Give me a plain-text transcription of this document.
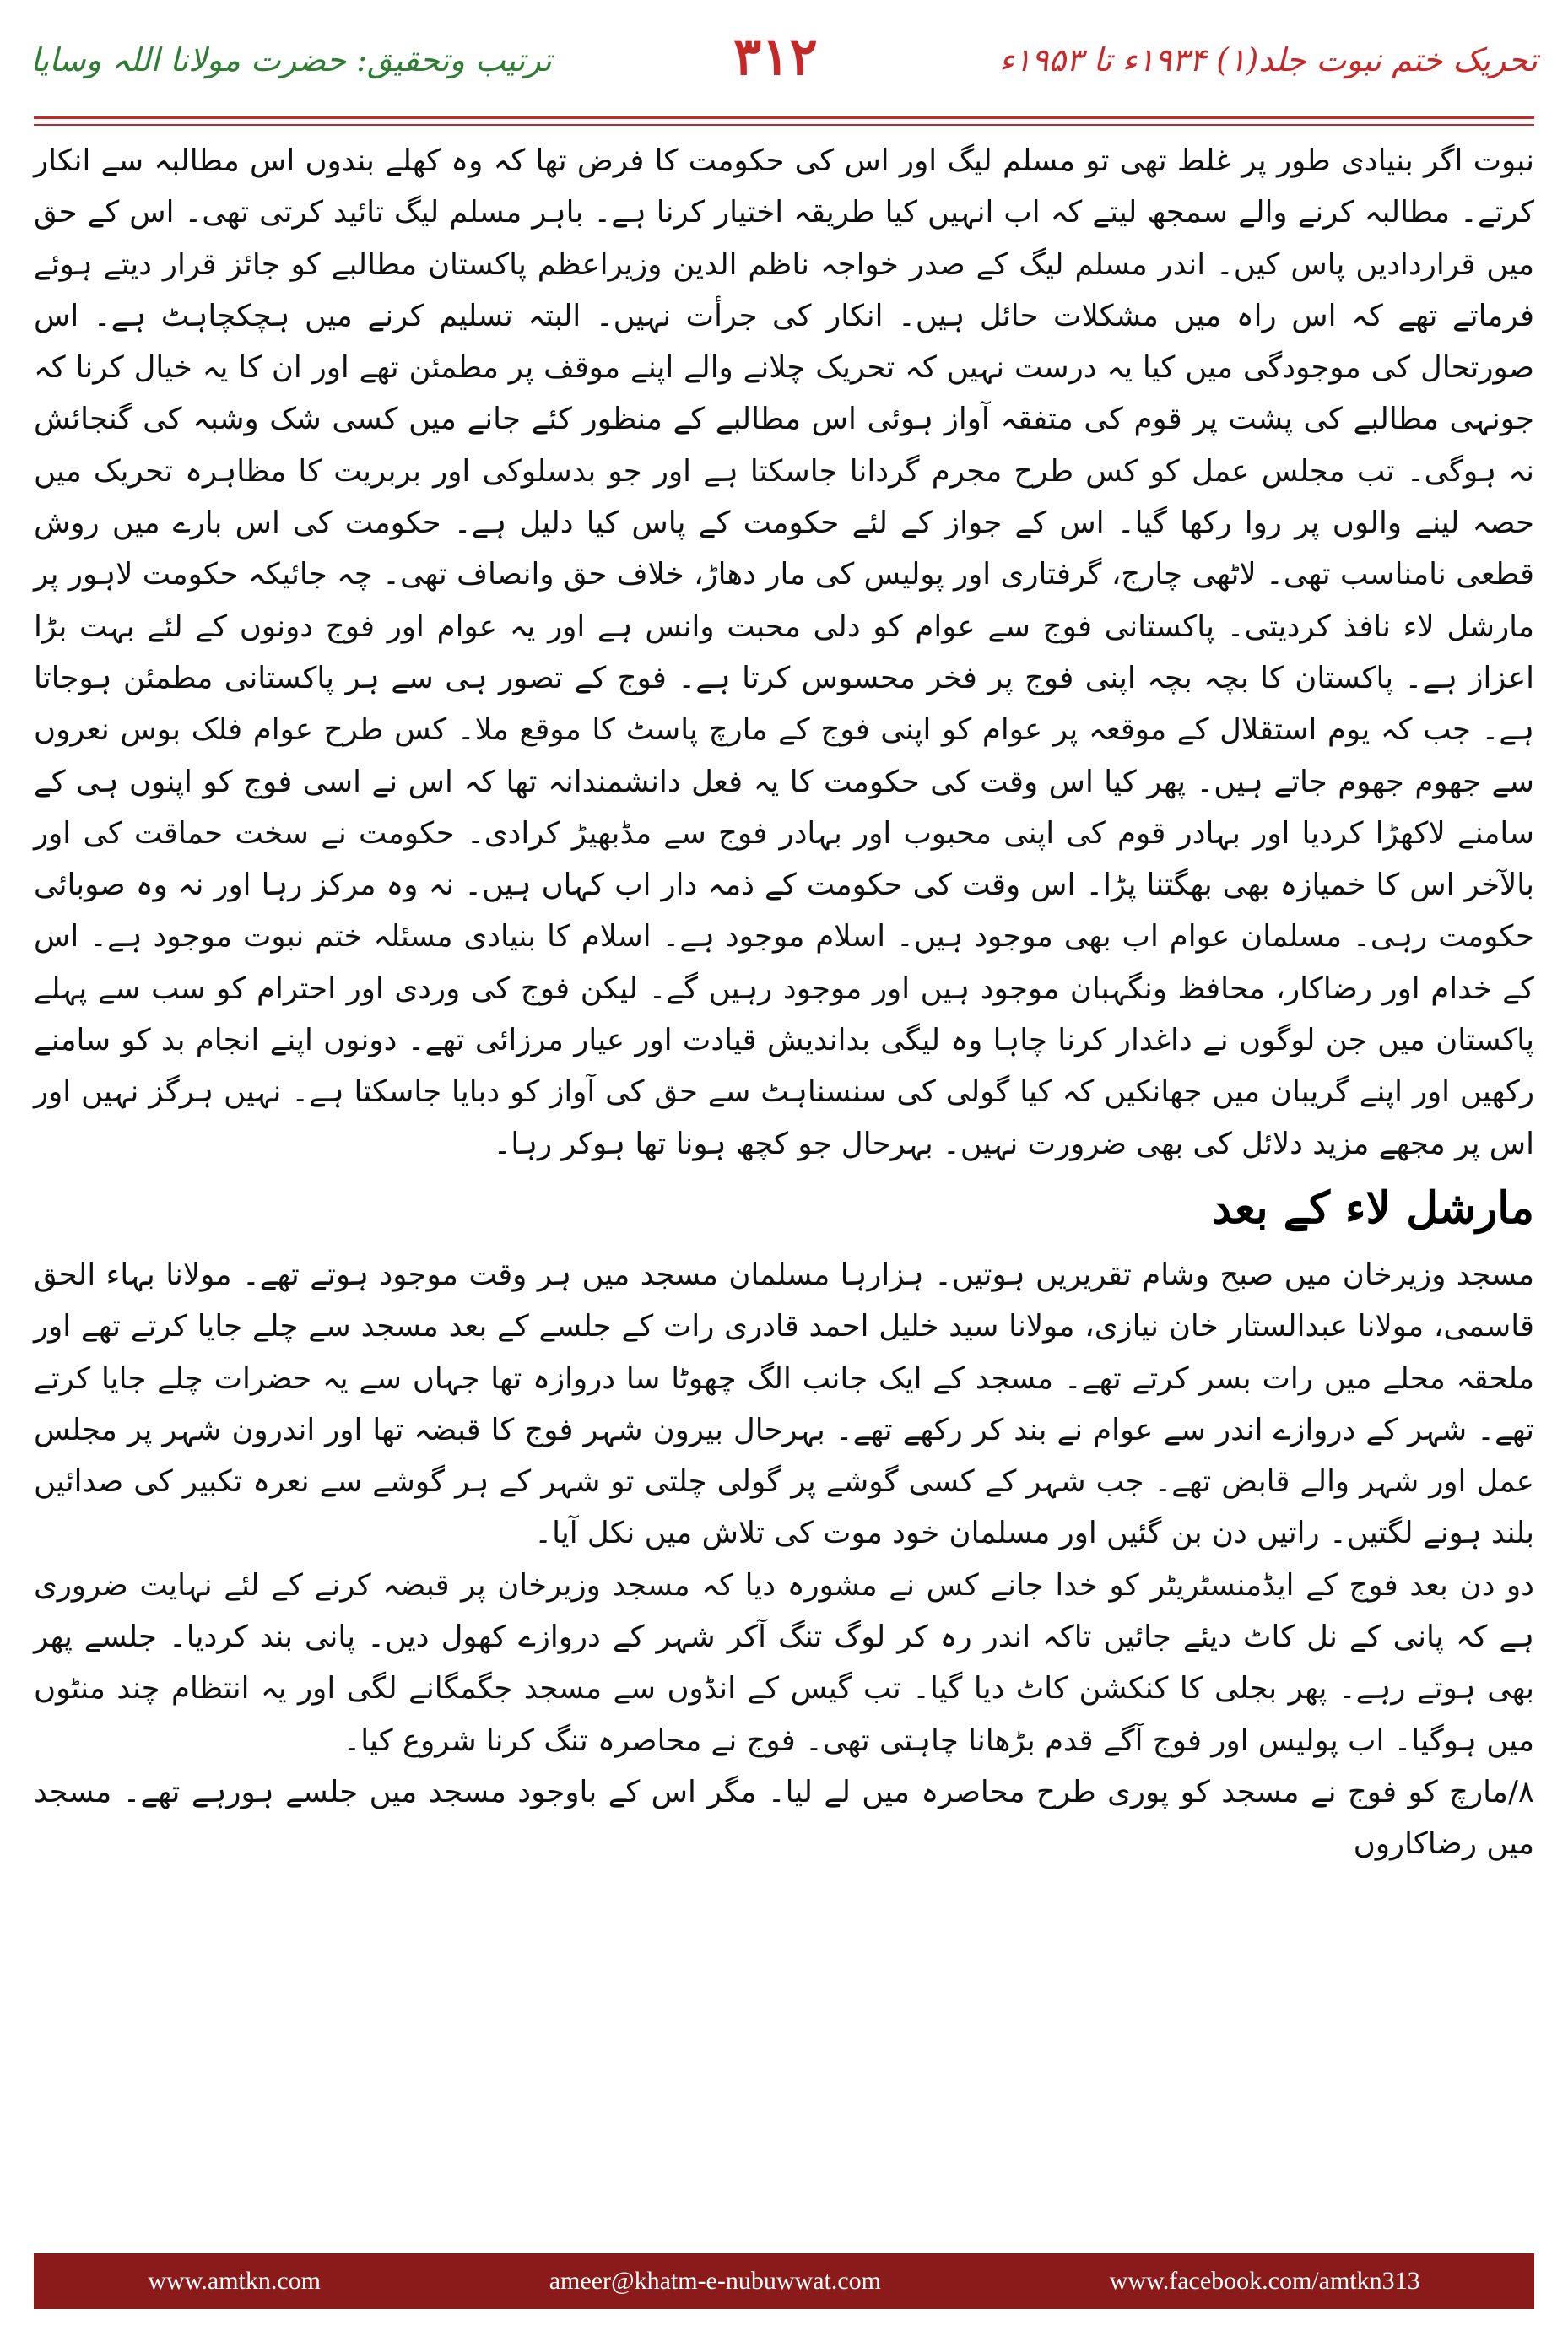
ترتیب وتحقیق: حضرت مولانا اللہ وسایا	۳۱۲	تحریک ختم نبوت جلد(۱) ۱۹۳۴ء تا ۱۹۵۳ء

نبوت اگر بنیادی طور پر غلط تھی تو مسلم لیگ اور اس کی حکومت کا فرض تھا کہ وہ کھلے بندوں اس مطالبہ سے انکار کرتے۔ مطالبہ کرنے والے سمجھ لیتے کہ اب انہیں کیا طریقہ اختیار کرنا ہے۔ باہر مسلم لیگ تائید کرتی تھی۔ اس کے حق میں قراردادیں پاس کیں۔ اندر مسلم لیگ کے صدر خواجہ ناظم الدین وزیراعظم پاکستان مطالبے کو جائز قرار دیتے ہوئے فرماتے تھے کہ اس راہ میں مشکلات حائل ہیں۔ انکار کی جرأت نہیں۔ البتہ تسلیم کرنے میں ہچکچاہٹ ہے۔ اس صورتحال کی موجودگی میں کیا یہ درست نہیں کہ تحریک چلانے والے اپنے موقف پر مطمئن تھے اور ان کا یہ خیال کرنا کہ جونہی مطالبے کی پشت پر قوم کی متفقہ آواز ہوئی اس مطالبے کے منظور کئے جانے میں کسی شک وشبہ کی گنجائش نہ ہوگی۔ تب مجلس عمل کو کس طرح مجرم گردانا جاسکتا ہے اور جو بدسلوکی اور بربریت کا مظاہرہ تحریک میں حصہ لینے والوں پر روا رکھا گیا۔ اس کے جواز کے لئے حکومت کے پاس کیا دلیل ہے۔ حکومت کی اس بارے میں روش قطعی نامناسب تھی۔ لاٹھی چارج، گرفتاری اور پولیس کی مار دھاڑ، خلاف حق وانصاف تھی۔ چہ جائیکہ حکومت لاہور پر مارشل لاء نافذ کردیتی۔ پاکستانی فوج سے عوام کو دلی محبت وانس ہے اور یہ عوام اور فوج دونوں کے لئے بہت بڑا اعزاز ہے۔ پاکستان کا بچہ بچہ اپنی فوج پر فخر محسوس کرتا ہے۔ فوج کے تصور ہی سے ہر پاکستانی مطمئن ہوجاتا ہے۔ جب کہ یوم استقلال کے موقعہ پر عوام کو اپنی فوج کے مارچ پاسٹ کا موقع ملا۔ کس طرح عوام فلک بوس نعروں سے جھوم جھوم جاتے ہیں۔ پھر کیا اس وقت کی حکومت کا یہ فعل دانشمندانہ تھا کہ اس نے اسی فوج کو اپنوں ہی کے سامنے لاکھڑا کردیا اور بہادر قوم کی اپنی محبوب اور بہادر فوج سے مڈبھیڑ کرادی۔ حکومت نے سخت حماقت کی اور بالآخر اس کا خمیازہ بھی بھگتنا پڑا۔ اس وقت کی حکومت کے ذمہ دار اب کہاں ہیں۔ نہ وہ مرکز رہا اور نہ وہ صوبائی حکومت رہی۔ مسلمان عوام اب بھی موجود ہیں۔ اسلام موجود ہے۔ اسلام کا بنیادی مسئلہ ختم نبوت موجود ہے۔ اس کے خدام اور رضاکار، محافظ ونگہبان موجود ہیں اور موجود رہیں گے۔ لیکن فوج کی وردی اور احترام کو سب سے پہلے پاکستان میں جن لوگوں نے داغدار کرنا چاہا وہ لیگی بداندیش قیادت اور عیار مرزائی تھے۔ دونوں اپنے انجام بد کو سامنے رکھیں اور اپنے گریبان میں جھانکیں کہ کیا گولی کی سنسناہٹ سے حق کی آواز کو دبایا جاسکتا ہے۔ نہیں ہرگز نہیں اور اس پر مجھے مزید دلائل کی بھی ضرورت نہیں۔ بہرحال جو کچھ ہونا تھا ہوکر رہا۔

مارشل لاء کے بعد

مسجد وزیرخان میں صبح وشام تقریریں ہوتیں۔ ہزارہا مسلمان مسجد میں ہر وقت موجود ہوتے تھے۔ مولانا بہاء الحق قاسمی، مولانا عبدالستار خان نیازی، مولانا سید خلیل احمد قادری رات کے جلسے کے بعد مسجد سے چلے جایا کرتے تھے اور ملحقہ محلے میں رات بسر کرتے تھے۔ مسجد کے ایک جانب الگ چھوٹا سا دروازہ تھا جہاں سے یہ حضرات چلے جایا کرتے تھے۔ شہر کے دروازے اندر سے عوام نے بند کر رکھے تھے۔ بہرحال بیرون شہر فوج کا قبضہ تھا اور اندرون شہر پر مجلس عمل اور شہر والے قابض تھے۔ جب شہر کے کسی گوشے پر گولی چلتی تو شہر کے ہر گوشے سے نعرہ تکبیر کی صدائیں بلند ہونے لگتیں۔ راتیں دن بن گئیں اور مسلمان خود موت کی تلاش میں نکل آیا۔

دو دن بعد فوج کے ایڈمنسٹریٹر کو خدا جانے کس نے مشورہ دیا کہ مسجد وزیرخان پر قبضہ کرنے کے لئے نہایت ضروری ہے کہ پانی کے نل کاٹ دیئے جائیں تاکہ اندر رہ کر لوگ تنگ آکر شہر کے دروازے کھول دیں۔ پانی بند کردیا۔ جلسے پھر بھی ہوتے رہے۔ پھر بجلی کا کنکشن کاٹ دیا گیا۔ تب گیس کے انڈوں سے مسجد جگمگانے لگی اور یہ انتظام چند منٹوں میں ہوگیا۔ اب پولیس اور فوج آگے قدم بڑھانا چاہتی تھی۔ فوج نے محاصرہ تنگ کرنا شروع کیا۔

۸/مارچ کو فوج نے مسجد کو پوری طرح محاصرہ میں لے لیا۔ مگر اس کے باوجود مسجد میں جلسے ہورہے تھے۔ مسجد میں رضاکاروں

www.amtkn.com	ameer@khatm-e-nubuwwat.com	www.facebook.com/amtkn313
